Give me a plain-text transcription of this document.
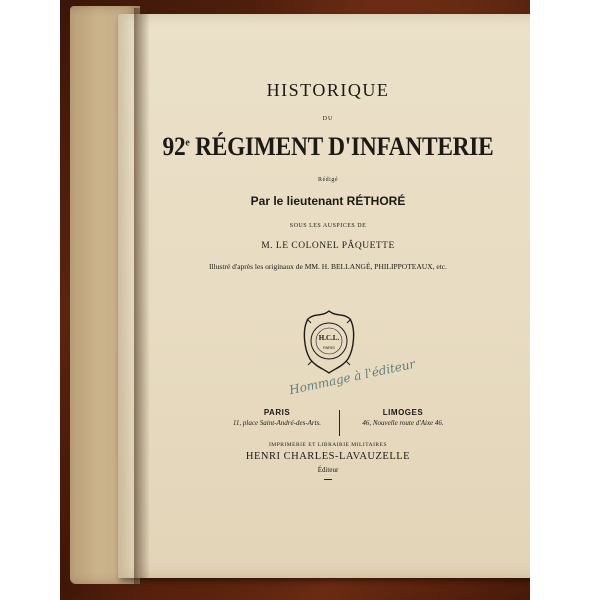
HISTORIQUE
DU
92e RÉGIMENT D'INFANTERIE
Rédigé
Par le lieutenant RÉTHORÉ
SOUS LES AUSPICES DE
M. LE COLONEL PÂQUETTE
Illustré d'après les originaux de MM. H. BELLANGÉ, PHILIPPOTEAUX, etc.
H.C.L.
PARIS
Hommage à l'éditeur
PARIS
11, place Saint-André-des-Arts.
LIMOGES
46, Nouvelle route d'Aixe 46.
IMPRIMERIE ET LIBRAIRIE MILITAIRES
HENRI CHARLES-LAVAUZELLE
Éditeur
